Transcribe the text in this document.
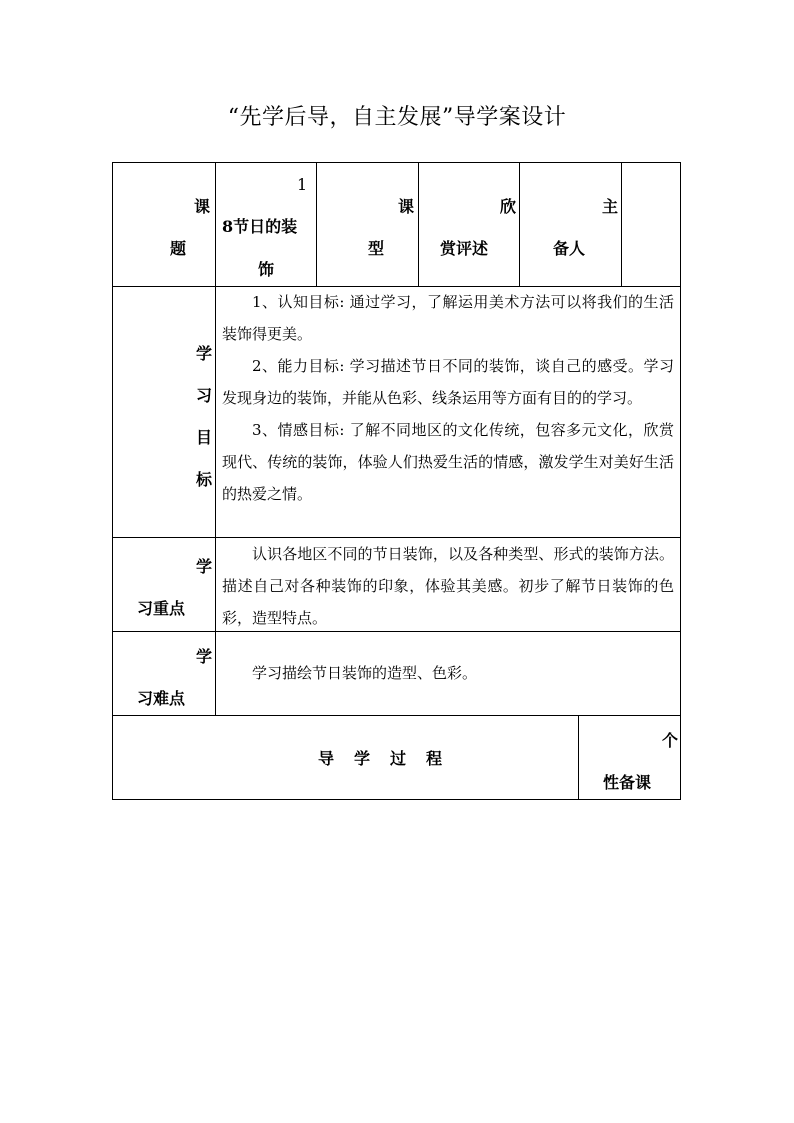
“先学后导，自主发展”导学案设计
课
题
1
8节日的装
饰
课
型
欣
赏评述
主
备人
学
习
目
标

1、认知目标: 通过学习，了解运用美术方法可以将我们的生活装饰得更美。

2、能力目标: 学习描述节日不同的装饰，谈自己的感受。学习发现身边的装饰，并能从色彩、线条运用等方面有目的的学习。

3、情感目标: 了解不同地区的文化传统，包容多元文化，欣赏现代、传统的装饰，体验人们热爱生活的情感，激发学生对美好生活的热爱之情。

学
习重点

认识各地区不同的节日装饰，以及各种类型、形式的装饰方法。描述自己对各种装饰的印象，体验其美感。初步了解节日装饰的色彩，造型特点。

学
习难点

学习描绘节日装饰的造型、色彩。

导学过程
个
性备课
